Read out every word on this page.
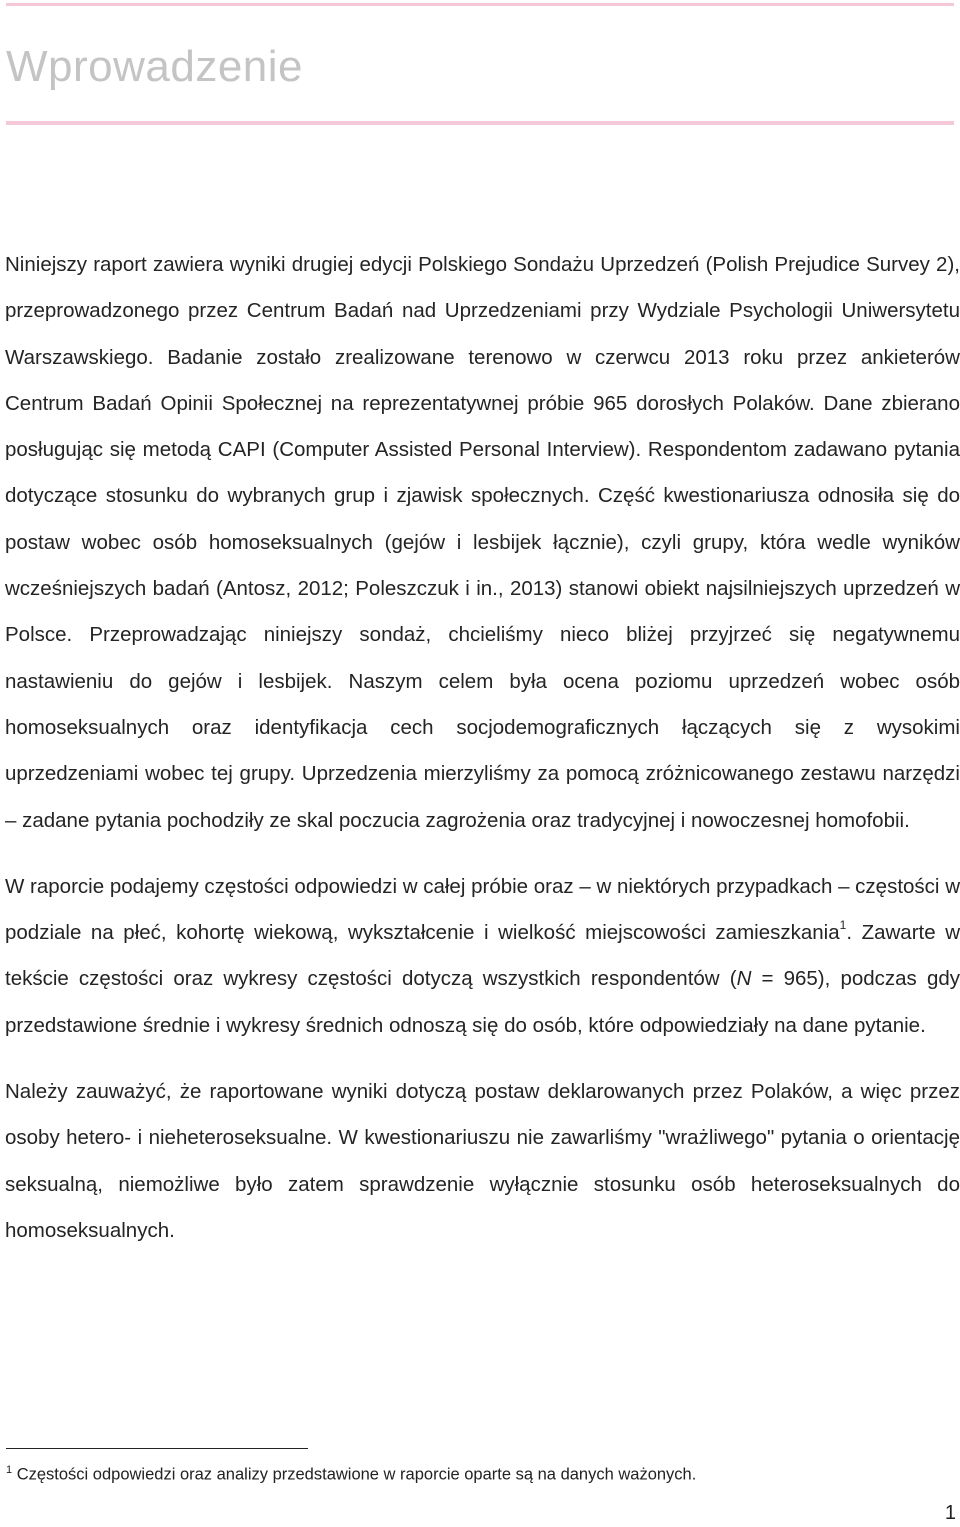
Wprowadzenie

Niniejszy raport zawiera wyniki drugiej edycji Polskiego Sondażu Uprzedzeń (Polish Prejudice Survey 2), przeprowadzonego przez Centrum Badań nad Uprzedzeniami przy Wydziale Psychologii Uniwersytetu Warszawskiego. Badanie zostało zrealizowane terenowo w czerwcu 2013 roku przez ankieterów Centrum Badań Opinii Społecznej na reprezentatywnej próbie 965 dorosłych Polaków. Dane zbierano posługując się metodą CAPI (Computer Assisted Personal Interview). Respondentom zadawano pytania dotyczące stosunku do wybranych grup i zjawisk społecznych. Część kwestionariusza odnosiła się do postaw wobec osób homoseksualnych (gejów i lesbijek łącznie), czyli grupy, która wedle wyników wcześniejszych badań (Antosz, 2012; Poleszczuk i in., 2013) stanowi obiekt najsilniejszych uprzedzeń w Polsce. Przeprowadzając niniejszy sondaż, chcieliśmy nieco bliżej przyjrzeć się negatywnemu nastawieniu do gejów i lesbijek. Naszym celem była ocena poziomu uprzedzeń wobec osób homoseksualnych oraz identyfikacja cech socjodemograficznych łączących się z wysokimi uprzedzeniami wobec tej grupy. Uprzedzenia mierzyliśmy za pomocą zróżnicowanego zestawu narzędzi – zadane pytania pochodziły ze skal poczucia zagrożenia oraz tradycyjnej i nowoczesnej homofobii.

W raporcie podajemy częstości odpowiedzi w całej próbie oraz – w niektórych przypadkach – częstości w podziale na płeć, kohortę wiekową, wykształcenie i wielkość miejscowości zamieszkania$^1$. Zawarte w tekście częstości oraz wykresy częstości dotyczą wszystkich respondentów (N = 965), podczas gdy przedstawione średnie i wykresy średnich odnoszą się do osób, które odpowiedziały na dane pytanie.

Należy zauważyć, że raportowane wyniki dotyczą postaw deklarowanych przez Polaków, a więc przez osoby hetero- i nieheteroseksualne. W kwestionariuszu nie zawarliśmy "wrażliwego" pytania o orientację seksualną, niemożliwe było zatem sprawdzenie wyłącznie stosunku osób heteroseksualnych do homoseksualnych.

$^1$ Częstości odpowiedzi oraz analizy przedstawione w raporcie oparte są na danych ważonych.
1
